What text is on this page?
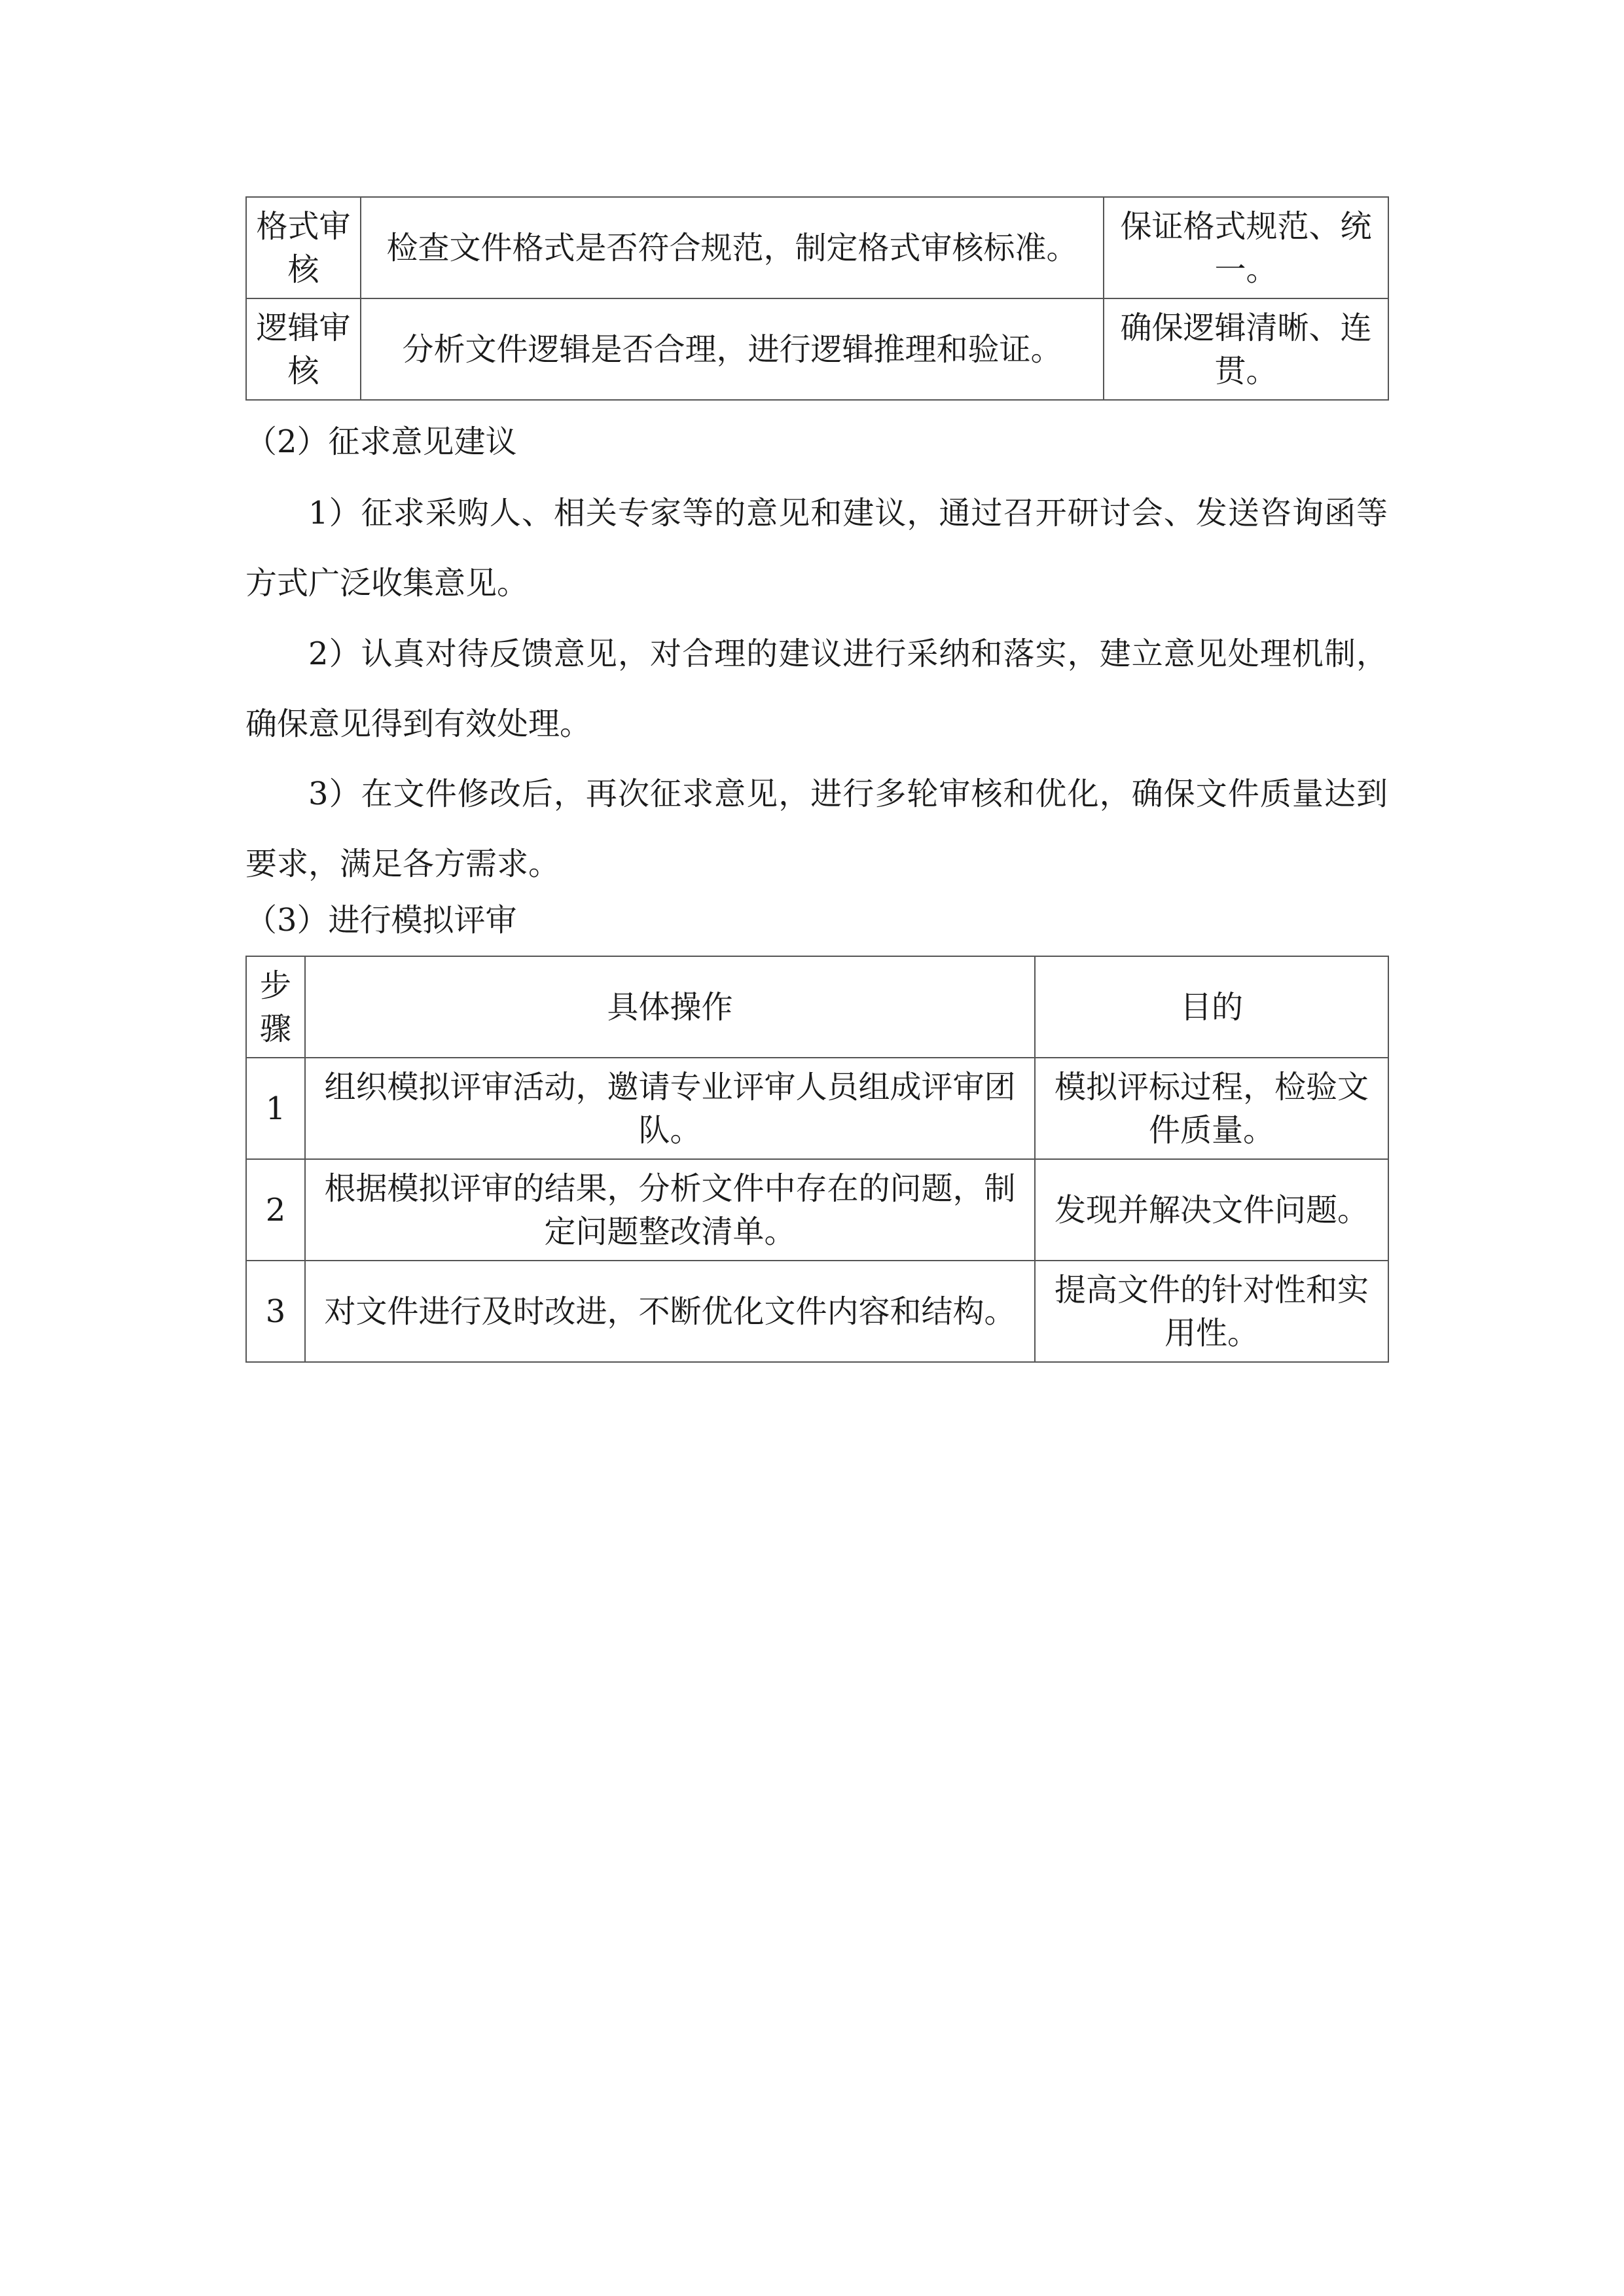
格式审核	检查文件格式是否符合规范，制定格式审核标准。	保证格式规范、统一。
逻辑审核	分析文件逻辑是否合理，进行逻辑推理和验证。	确保逻辑清晰、连贯。
（2）征求意见建议
1）征求采购人、相关专家等的意见和建议，通过召开研讨会、发送咨询函等方式广泛收集意见。
2）认真对待反馈意见，对合理的建议进行采纳和落实，建立意见处理机制，确保意见得到有效处理。
3）在文件修改后，再次征求意见，进行多轮审核和优化，确保文件质量达到要求，满足各方需求。
（3）进行模拟评审
步骤	具体操作	目的
1	组织模拟评审活动，邀请专业评审人员组成评审团队。	模拟评标过程，检验文件质量。
2	根据模拟评审的结果，分析文件中存在的问题，制定问题整改清单。	发现并解决文件问题。
3	对文件进行及时改进，不断优化文件内容和结构。	提高文件的针对性和实用性。
